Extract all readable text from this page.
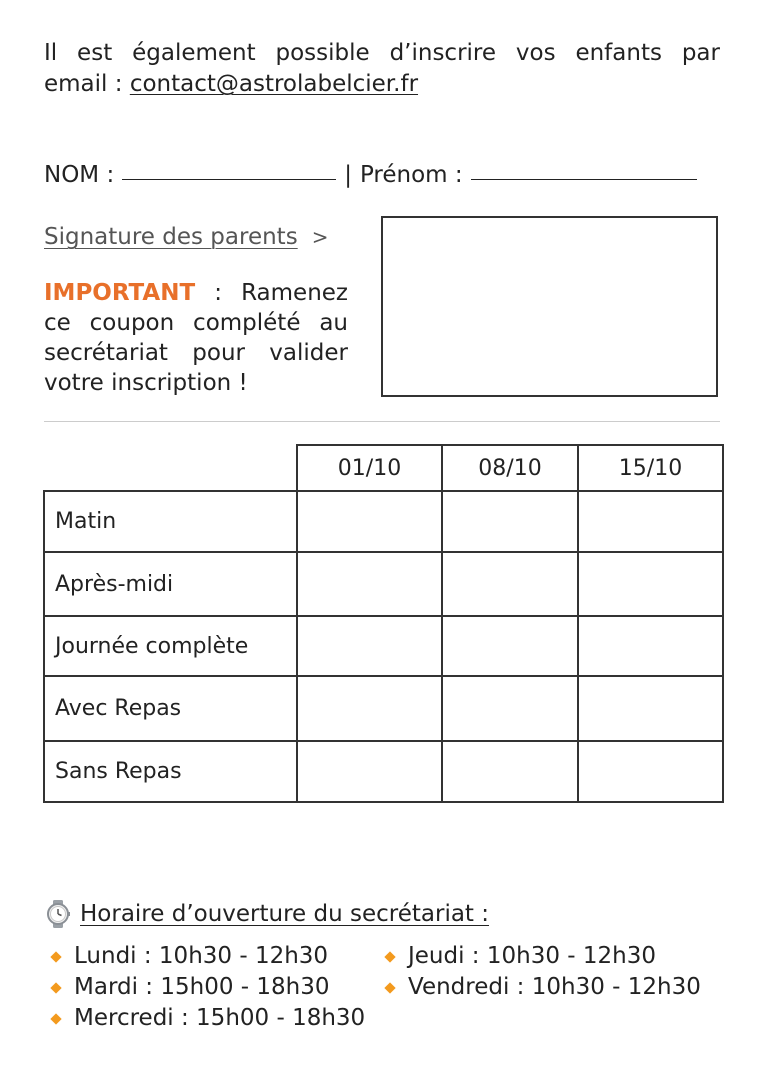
Il est également possible d’inscrire vos enfants par
email : contact@astrolabelcier.fr
NOM :	| Prénom :
Signature des parents >
IMPORTANT : Ramenez
ce coupon complété au
secrétariat pour valider
votre inscription !
	01/10	08/10	15/10
Matin			
Après-midi			
Journée complète			
Avec Repas			
Sans Repas			
Horaire d’ouverture du secrétariat :
Lundi : 10h30 - 12h30
Mardi : 15h00 - 18h30
Mercredi : 15h00 - 18h30
Jeudi : 10h30 - 12h30
Vendredi : 10h30 - 12h30
